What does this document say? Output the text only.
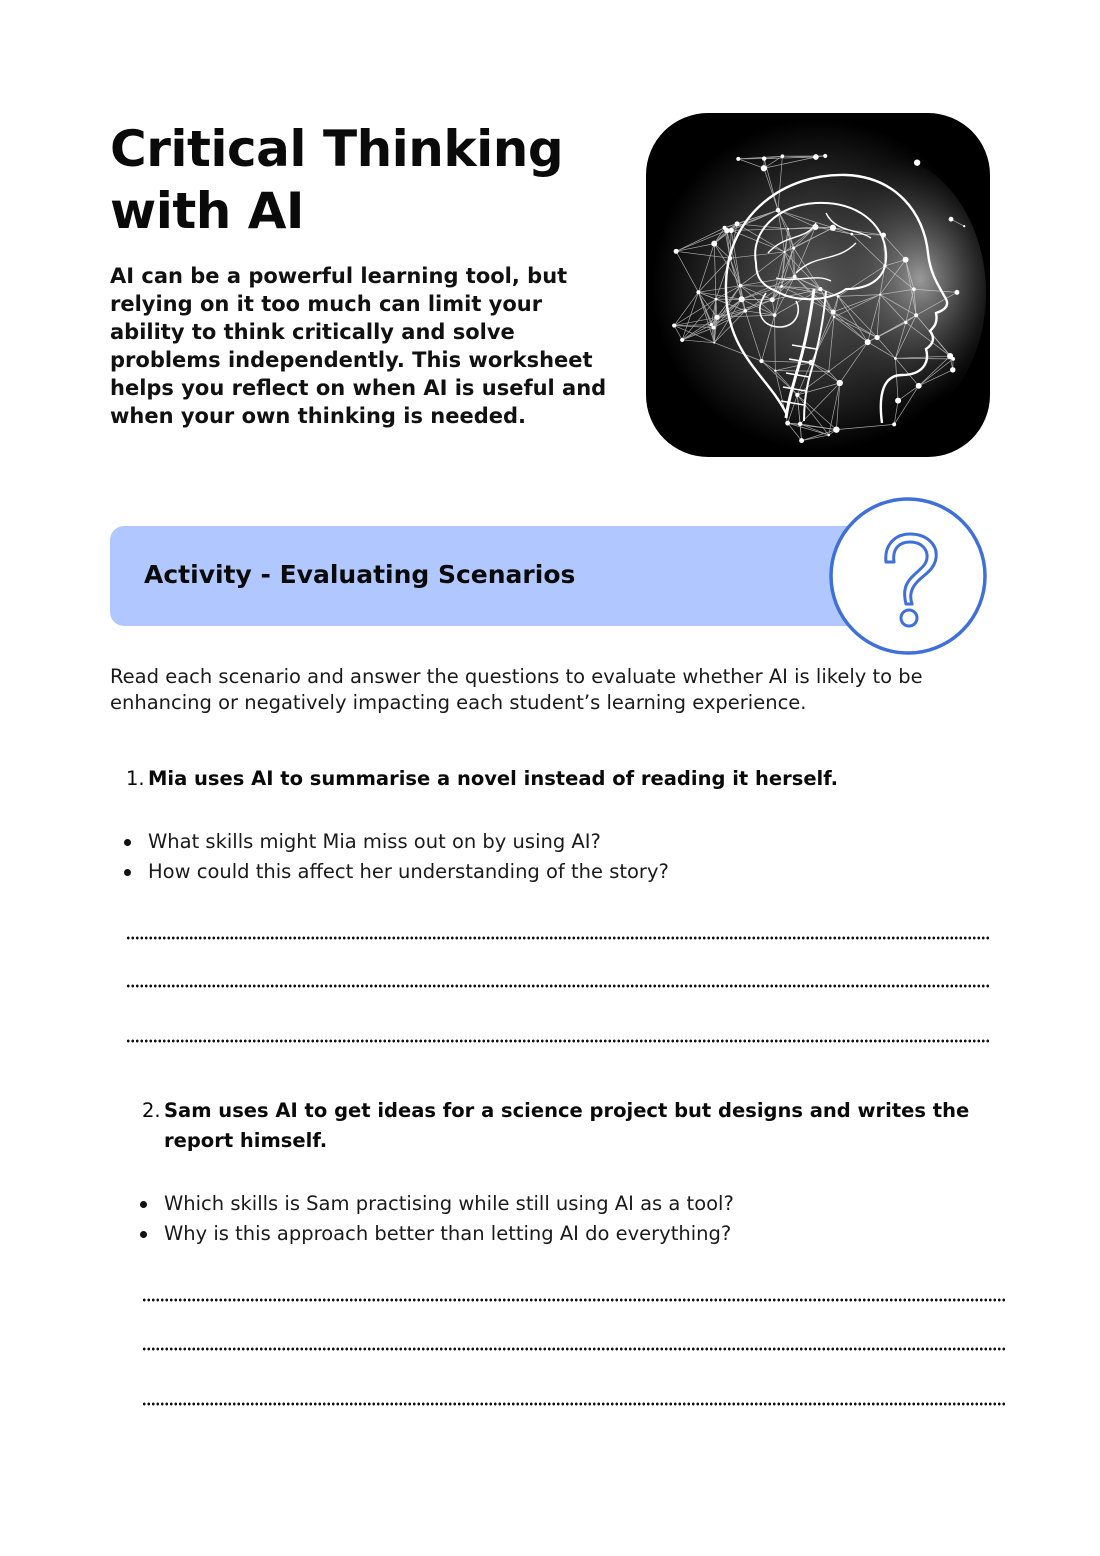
Critical Thinking with AI

AI can be a powerful learning tool, but relying on it too much can limit your ability to think critically and solve problems independently. This worksheet helps you reflect on when AI is useful and when your own thinking is needed.

Activity - Evaluating Scenarios

Read each scenario and answer the questions to evaluate whether AI is likely to be enhancing or negatively impacting each student’s learning experience.

1. Mia uses AI to summarise a novel instead of reading it herself.

What skills might Mia miss out on by using AI?
How could this affect her understanding of the story?

2. Sam uses AI to get ideas for a science project but designs and writes the report himself.

Which skills is Sam practising while still using AI as a tool?
Why is this approach better than letting AI do everything?
